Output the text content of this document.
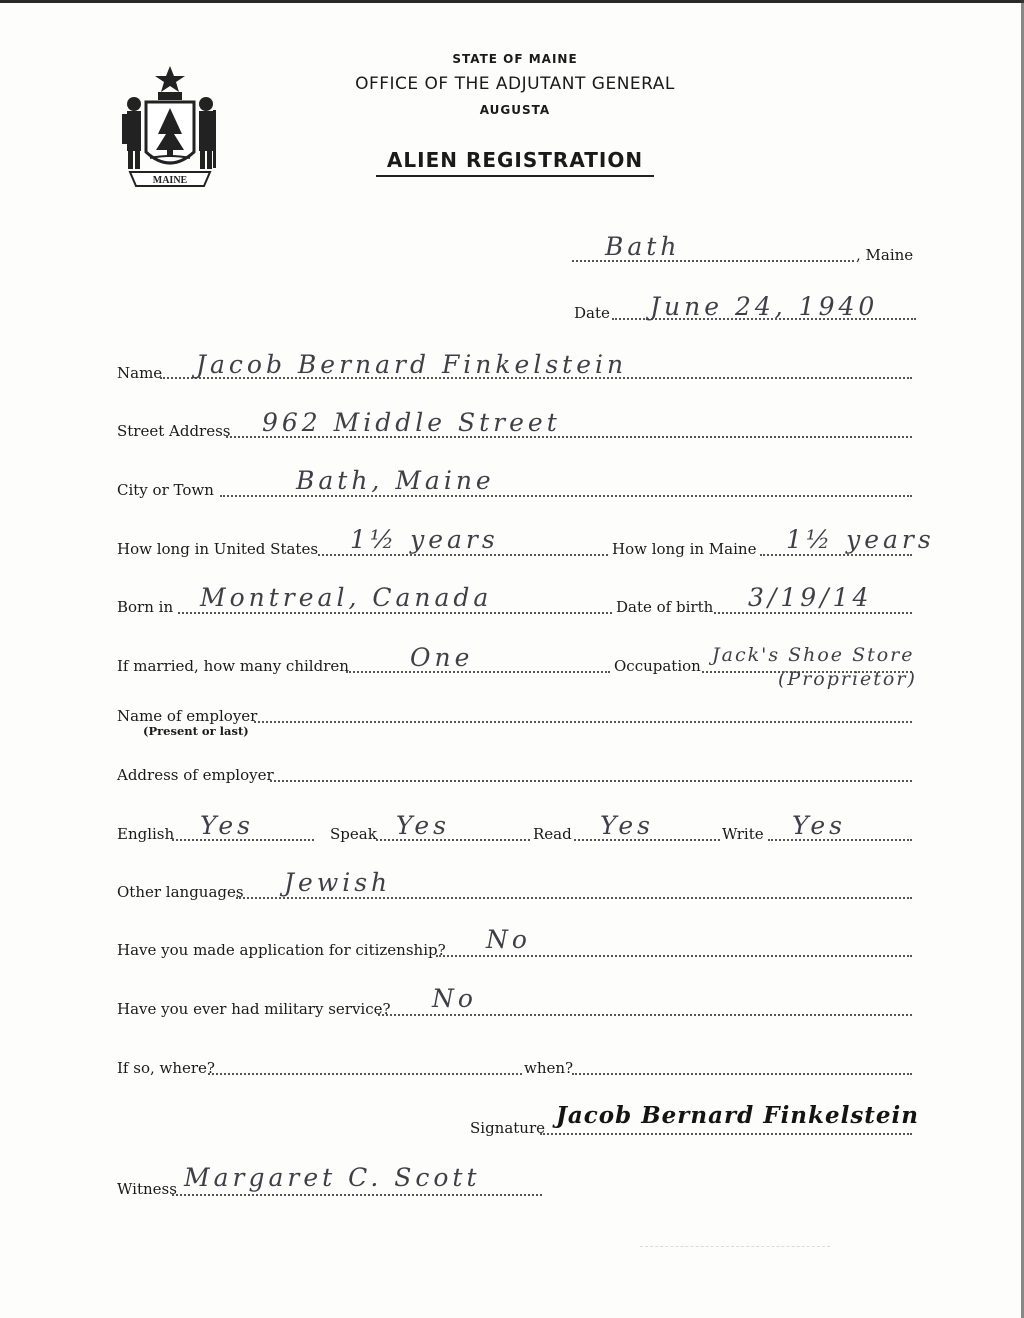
MAINE
STATE OF MAINE
OFFICE OF THE ADJUTANT GENERAL
AUGUSTA
ALIEN REGISTRATION
Bath	, Maine
Date June 24, 1940
Name Jacob Bernard Finkelstein
Street Address 962 Middle Street
City or Town	Bath, Maine
How long in United States 1½ years	How long in Maine 1½ years
Born in Montreal, Canada	Date of birth 3/19/14
If married, how many children One	Occupation Jack's Shoe Store
(Proprietor)
Name of employer
(Present or last)
Address of employer
English Yes	Speak Yes	Read Yes	Write Yes
Other languages Jewish
Have you made application for citizenship? No
Have you ever had military service? No
If so, where?	when?
Signature Jacob Bernard Finkelstein
Witness Margaret C. Scott
